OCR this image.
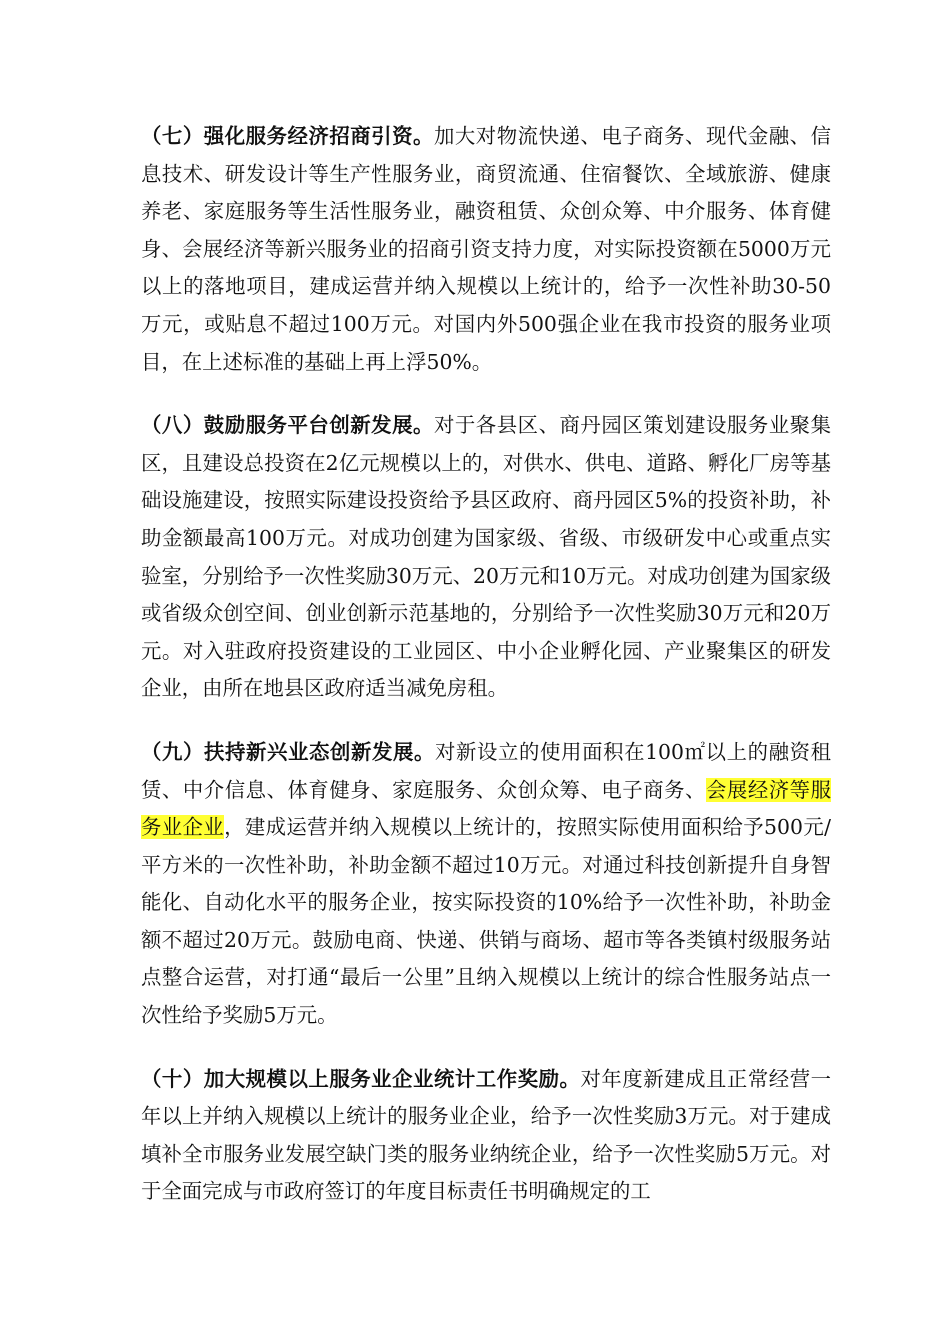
（七）强化服务经济招商引资。加大对物流快递、电子商务、现代金融、信息技术、研发设计等生产性服务业，商贸流通、住宿餐饮、全域旅游、健康养老、家庭服务等生活性服务业，融资租赁、众创众筹、中介服务、体育健身、会展经济等新兴服务业的招商引资支持力度，对实际投资额在5000万元以上的落地项目，建成运营并纳入规模以上统计的，给予一次性补助30-50万元，或贴息不超过100万元。对国内外500强企业在我市投资的服务业项目，在上述标准的基础上再上浮50%。

（八）鼓励服务平台创新发展。对于各县区、商丹园区策划建设服务业聚集区，且建设总投资在2亿元规模以上的，对供水、供电、道路、孵化厂房等基础设施建设，按照实际建设投资给予县区政府、商丹园区5%的投资补助，补助金额最高100万元。对成功创建为国家级、省级、市级研发中心或重点实验室，分别给予一次性奖励30万元、20万元和10万元。对成功创建为国家级或省级众创空间、创业创新示范基地的，分别给予一次性奖励30万元和20万元。对入驻政府投资建设的工业园区、中小企业孵化园、产业聚集区的研发企业，由所在地县区政府适当减免房租。

（九）扶持新兴业态创新发展。对新设立的使用面积在100㎡以上的融资租赁、中介信息、体育健身、家庭服务、众创众筹、电子商务、会展经济等服务业企业，建成运营并纳入规模以上统计的，按照实际使用面积给予500元/平方米的一次性补助，补助金额不超过10万元。对通过科技创新提升自身智能化、自动化水平的服务企业，按实际投资的10%给予一次性补助，补助金额不超过20万元。鼓励电商、快递、供销与商场、超市等各类镇村级服务站点整合运营，对打通“最后一公里”且纳入规模以上统计的综合性服务站点一次性给予奖励5万元。

（十）加大规模以上服务业企业统计工作奖励。对年度新建成且正常经营一年以上并纳入规模以上统计的服务业企业，给予一次性奖励3万元。对于建成填补全市服务业发展空缺门类的服务业纳统企业，给予一次性奖励5万元。对于全面完成与市政府签订的年度目标责任书明确规定的工
